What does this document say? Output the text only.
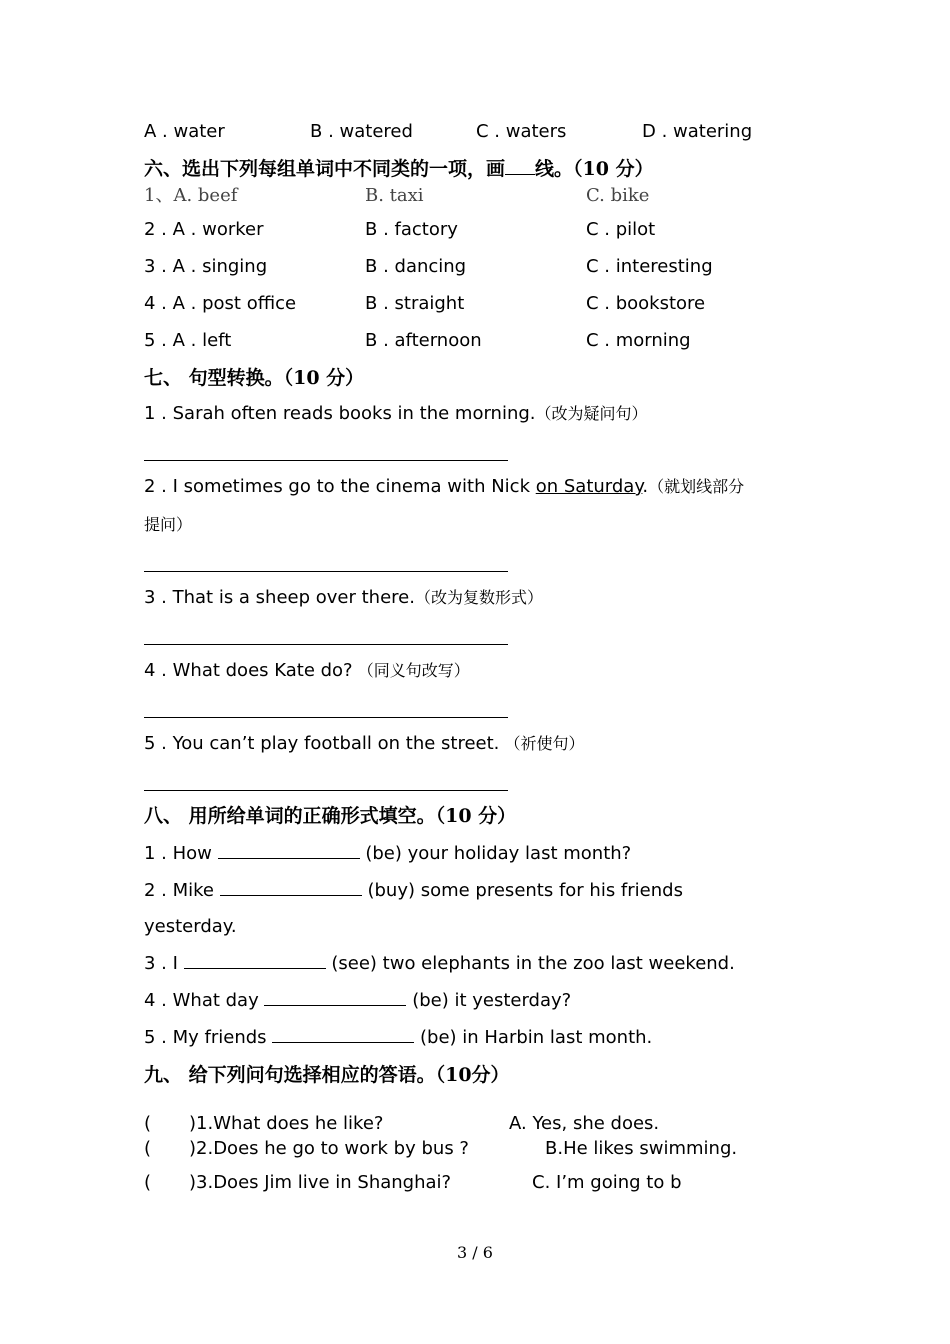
A . water	B . watered	C . waters	D . watering
六、选出下列每组单词中不同类的一项，画 线。（10 分）
1、A. beef	B. taxi	C. bike
2 . A . worker	B . factory	C . pilot
3 . A . singing	B . dancing	C . interesting
4 . A . post office	B . straight	C . bookstore
5 . A . left	B . afternoon	C . morning
七、 句型转换。（10 分）
1 . Sarah often reads books in the morning.（改为疑问句）
2 . I sometimes go to the cinema with Nick on Saturday.（就划线部分
提问）
3 . That is a sheep over there.（改为复数形式）
4 . What does Kate do? （同义句改写）
5 . You can’t play football on the street. （祈使句）
八、 用所给单词的正确形式填空。（10 分）
1 . How	(be) your holiday last month?
2 . Mike	(buy) some presents for his friends
yesterday.
3 . I	(see) two elephants in the zoo last weekend.
4 . What day	(be) it yesterday?
5 . My friends	(be) in Harbin last month.
九、 给下列问句选择相应的答语。（10分）
( )1.What does he like?	A. Yes, she does.
( )2.Does he go to work by bus ?	B.He likes swimming.
( )3.Does Jim live in Shanghai?	C. I’m going to b
3 / 6
